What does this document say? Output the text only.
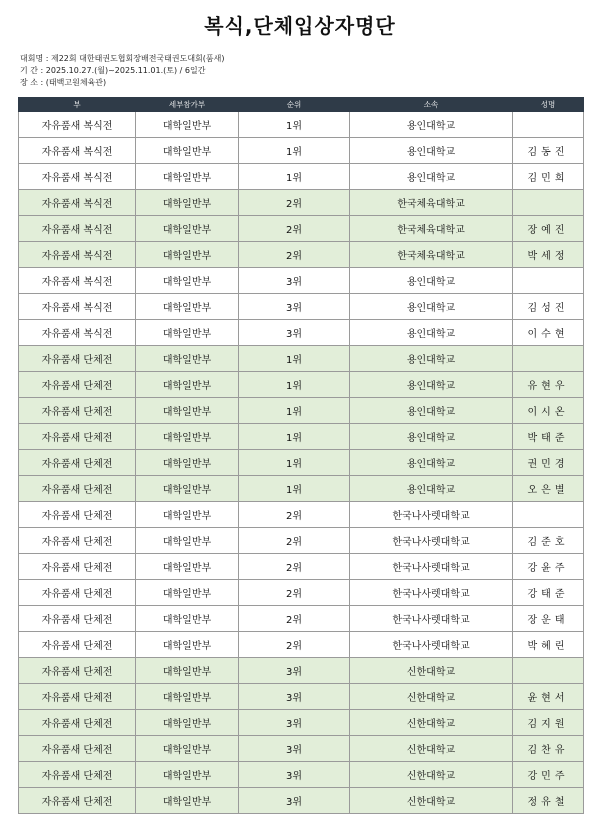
복식,단체입상자명단
대회명 : 제22회 대한태권도협회장배전국태권도대회(품새)
기 간 : 2025.10.27.(월)~2025.11.01.(토) / 6일간
장 소 : (태백고원체육관)
부	세부참가부	순위	소속	성명
자유품새 복식전	대학일반부	1위	용인대학교	
자유품새 복식전	대학일반부	1위	용인대학교	김동진
자유품새 복식전	대학일반부	1위	용인대학교	김민희
자유품새 복식전	대학일반부	2위	한국체육대학교	
자유품새 복식전	대학일반부	2위	한국체육대학교	장예진
자유품새 복식전	대학일반부	2위	한국체육대학교	박세정
자유품새 복식전	대학일반부	3위	용인대학교	
자유품새 복식전	대학일반부	3위	용인대학교	김성진
자유품새 복식전	대학일반부	3위	용인대학교	이수현
자유품새 단체전	대학일반부	1위	용인대학교	
자유품새 단체전	대학일반부	1위	용인대학교	유현우
자유품새 단체전	대학일반부	1위	용인대학교	이시온
자유품새 단체전	대학일반부	1위	용인대학교	박태준
자유품새 단체전	대학일반부	1위	용인대학교	권민경
자유품새 단체전	대학일반부	1위	용인대학교	오은별
자유품새 단체전	대학일반부	2위	한국나사렛대학교	
자유품새 단체전	대학일반부	2위	한국나사렛대학교	김준호
자유품새 단체전	대학일반부	2위	한국나사렛대학교	강윤주
자유품새 단체전	대학일반부	2위	한국나사렛대학교	강태준
자유품새 단체전	대학일반부	2위	한국나사렛대학교	장운태
자유품새 단체전	대학일반부	2위	한국나사렛대학교	박혜린
자유품새 단체전	대학일반부	3위	신한대학교	
자유품새 단체전	대학일반부	3위	신한대학교	윤현서
자유품새 단체전	대학일반부	3위	신한대학교	김지원
자유품새 단체전	대학일반부	3위	신한대학교	김찬유
자유품새 단체전	대학일반부	3위	신한대학교	강민주
자유품새 단체전	대학일반부	3위	신한대학교	정유철
